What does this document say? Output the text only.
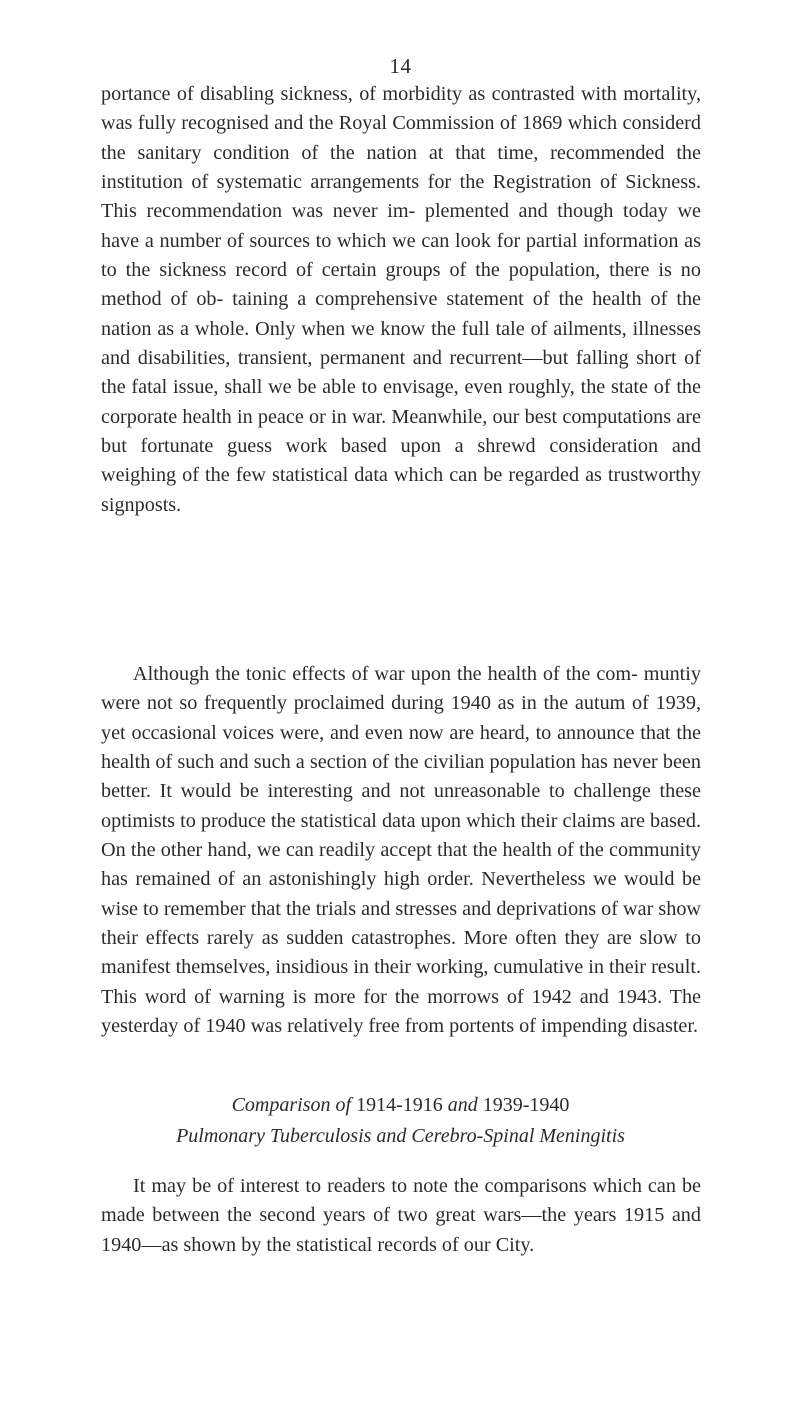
14

portance of disabling sickness, of morbidity as contrasted with mortality, was fully recognised and the Royal Commission of 1869 which considerd the sanitary condition of the nation at that time, recommended the institution of systematic arrangements for the Registration of Sickness. This recommendation was never im- plemented and though today we have a number of sources to which we can look for partial information as to the sickness record of certain groups of the population, there is no method of ob- taining a comprehensive statement of the health of the nation as a whole. Only when we know the full tale of ailments, illnesses and disabilities, transient, permanent and recurrent—but falling short of the fatal issue, shall we be able to envisage, even roughly, the state of the corporate health in peace or in war. Meanwhile, our best computations are but fortunate guess work based upon a shrewd consideration and weighing of the few statistical data which can be regarded as trustworthy signposts.

Although the tonic effects of war upon the health of the com- muntiy were not so frequently proclaimed during 1940 as in the autum of 1939, yet occasional voices were, and even now are heard, to announce that the health of such and such a section of the civilian population has never been better. It would be interesting and not unreasonable to challenge these optimists to produce the statistical data upon which their claims are based. On the other hand, we can readily accept that the health of the community has remained of an astonishingly high order. Nevertheless we would be wise to remember that the trials and stresses and deprivations of war show their effects rarely as sudden catastrophes. More often they are slow to manifest themselves, insidious in their working, cumulative in their result. This word of warning is more for the morrows of 1942 and 1943. The yesterday of 1940 was relatively free from portents of impending disaster.

Comparison of 1914-1916 and 1939-1940
Pulmonary Tuberculosis and Cerebro-Spinal Meningitis

It may be of interest to readers to note the comparisons which can be made between the second years of two great wars—the years 1915 and 1940—as shown by the statistical records of our City.
